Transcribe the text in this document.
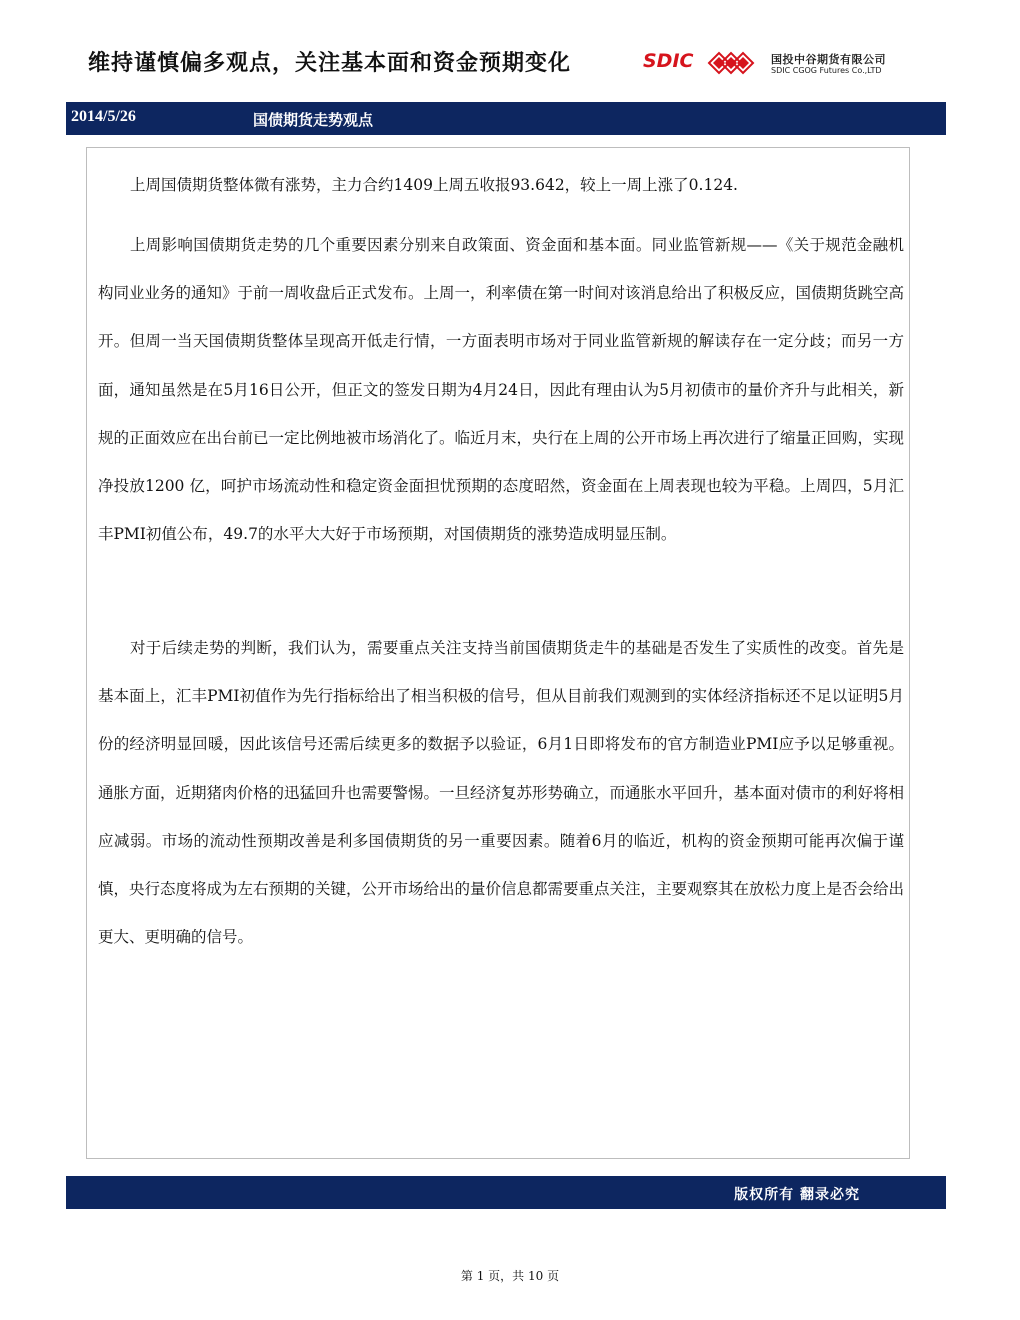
维持谨慎偏多观点，关注基本面和资金预期变化	SDIC	国投中谷期货有限公司
SDIC CGOG Futures Co.,LTD
2014/5/26	国债期货走势观点

上周国债期货整体微有涨势，主力合约1409上周五收报93.642，较上一周上涨了0.124.

上周影响国债期货走势的几个重要因素分别来自政策面、资金面和基本面。同业监管新规——《关于规范金融机构同业业务的通知》于前一周收盘后正式发布。上周一，利率债在第一时间对该消息给出了积极反应，国债期货跳空高开。但周一当天国债期货整体呈现高开低走行情，一方面表明市场对于同业监管新规的解读存在一定分歧；而另一方面，通知虽然是在5月16日公开，但正文的签发日期为4月24日，因此有理由认为5月初债市的量价齐升与此相关，新规的正面效应在出台前已一定比例地被市场消化了。临近月末，央行在上周的公开市场上再次进行了缩量正回购，实现净投放1200 亿，呵护市场流动性和稳定资金面担忧预期的态度昭然，资金面在上周表现也较为平稳。上周四，5月汇丰PMI初值公布，49.7的水平大大好于市场预期，对国债期货的涨势造成明显压制。

对于后续走势的判断，我们认为，需要重点关注支持当前国债期货走牛的基础是否发生了实质性的改变。首先是基本面上，汇丰PMI初值作为先行指标给出了相当积极的信号，但从目前我们观测到的实体经济指标还不足以证明5月份的经济明显回暖，因此该信号还需后续更多的数据予以验证，6月1日即将发布的官方制造业PMI应予以足够重视。通胀方面，近期猪肉价格的迅猛回升也需要警惕。一旦经济复苏形势确立，而通胀水平回升，基本面对债市的利好将相应减弱。市场的流动性预期改善是利多国债期货的另一重要因素。随着6月的临近，机构的资金预期可能再次偏于谨慎，央行态度将成为左右预期的关键，公开市场给出的量价信息都需要重点关注，主要观察其在放松力度上是否会给出更大、更明确的信号。

版权所有 翻录必究
第 1 页，共 10 页
